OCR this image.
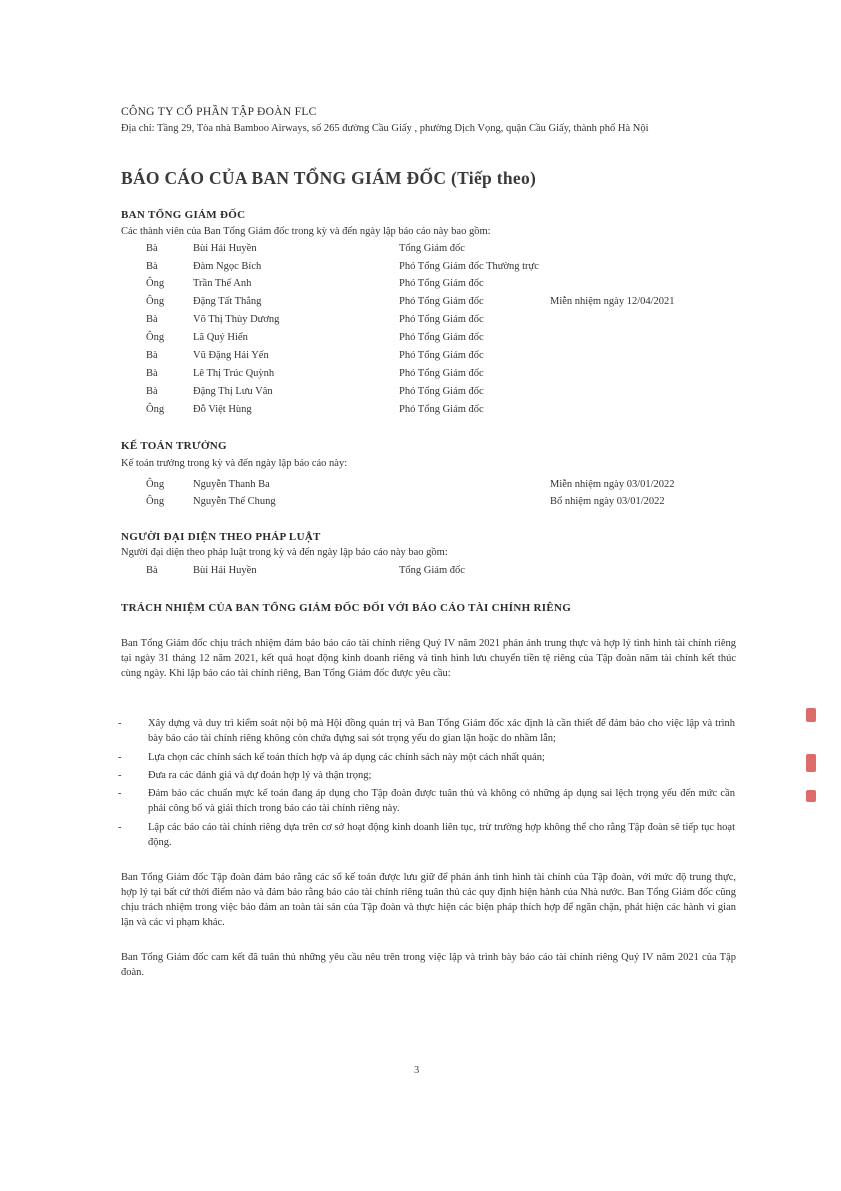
CÔNG TY CỔ PHẦN TẬP ĐOÀN FLC
Địa chỉ: Tầng 29, Tòa nhà Bamboo Airways, số 265 đường Cầu Giấy , phường Dịch Vọng, quận Cầu Giấy, thành phố Hà Nội
BÁO CÁO CỦA BAN TỔNG GIÁM ĐỐC (Tiếp theo)
BAN TỔNG GIÁM ĐỐC
Các thành viên của Ban Tổng Giám đốc trong kỳ và đến ngày lập báo cáo này bao gồm:
Bà	Bùi Hải Huyền	Tổng Giám đốc
Bà	Đàm Ngọc Bích	Phó Tổng Giám đốc Thường trực
Ông	Trần Thế Anh	Phó Tổng Giám đốc
Ông	Đặng Tất Thắng	Phó Tổng Giám đốc	Miễn nhiệm ngày 12/04/2021
Bà	Võ Thị Thùy Dương	Phó Tổng Giám đốc
Ông	Lã Quý Hiển	Phó Tổng Giám đốc
Bà	Vũ Đặng Hải Yến	Phó Tổng Giám đốc
Bà	Lê Thị Trúc Quỳnh	Phó Tổng Giám đốc
Bà	Đặng Thị Lưu Vân	Phó Tổng Giám đốc
Ông	Đỗ Việt Hùng	Phó Tổng Giám đốc
KẾ TOÁN TRƯỞNG
Kế toán trưởng trong kỳ và đến ngày lập báo cáo này:
Ông	Nguyễn Thanh Ba	Miễn nhiệm ngày 03/01/2022
Ông	Nguyễn Thế Chung	Bổ nhiệm ngày 03/01/2022
NGƯỜI ĐẠI DIỆN THEO PHÁP LUẬT
Người đại diện theo pháp luật trong kỳ và đến ngày lập báo cáo này bao gồm:
Bà	Bùi Hải Huyền	Tổng Giám đốc
TRÁCH NHIỆM CỦA BAN TỔNG GIÁM ĐỐC ĐỐI VỚI BÁO CÁO TÀI CHÍNH RIÊNG
Ban Tổng Giám đốc chịu trách nhiệm đảm bảo báo cáo tài chính riêng Quý IV năm 2021 phản ánh trung thực và hợp lý tình hình tài chính riêng tại ngày 31 tháng 12 năm 2021, kết quả hoạt động kinh doanh riêng và tình hình lưu chuyển tiền tệ riêng của Tập đoàn năm tài chính kết thúc cùng ngày. Khi lập báo cáo tài chính riêng, Ban Tổng Giám đốc được yêu cầu:
-	Xây dựng và duy trì kiểm soát nội bộ mà Hội đồng quản trị và Ban Tổng Giám đốc xác định là cần thiết để đảm bảo cho việc lập và trình bày báo cáo tài chính riêng không còn chứa đựng sai sót trọng yếu do gian lận hoặc do nhầm lẫn;
-	Lựa chọn các chính sách kế toán thích hợp và áp dụng các chính sách này một cách nhất quán;
-	Đưa ra các đánh giá và dự đoán hợp lý và thận trọng;
-	Đảm bảo các chuẩn mực kế toán đang áp dụng cho Tập đoàn được tuân thủ và không có những áp dụng sai lệch trọng yếu đến mức cần phải công bố và giải thích trong báo cáo tài chính riêng này.
-	Lập các báo cáo tài chính riêng dựa trên cơ sở hoạt động kinh doanh liên tục, trừ trường hợp không thể cho rằng Tập đoàn sẽ tiếp tục hoạt động.
Ban Tổng Giám đốc Tập đoàn đảm bảo rằng các sổ kế toán được lưu giữ để phản ánh tình hình tài chính của Tập đoàn, với mức độ trung thực, hợp lý tại bất cứ thời điểm nào và đảm bảo rằng báo cáo tài chính riêng tuân thủ các quy định hiện hành của Nhà nước. Ban Tổng Giám đốc cũng chịu trách nhiệm trong việc bảo đảm an toàn tài sản của Tập đoàn và thực hiện các biện pháp thích hợp để ngăn chặn, phát hiện các hành vi gian lận và các vi phạm khác.
Ban Tổng Giám đốc cam kết đã tuân thủ những yêu cầu nêu trên trong việc lập và trình bày báo cáo tài chính riêng Quý IV năm 2021 của Tập đoàn.
3
